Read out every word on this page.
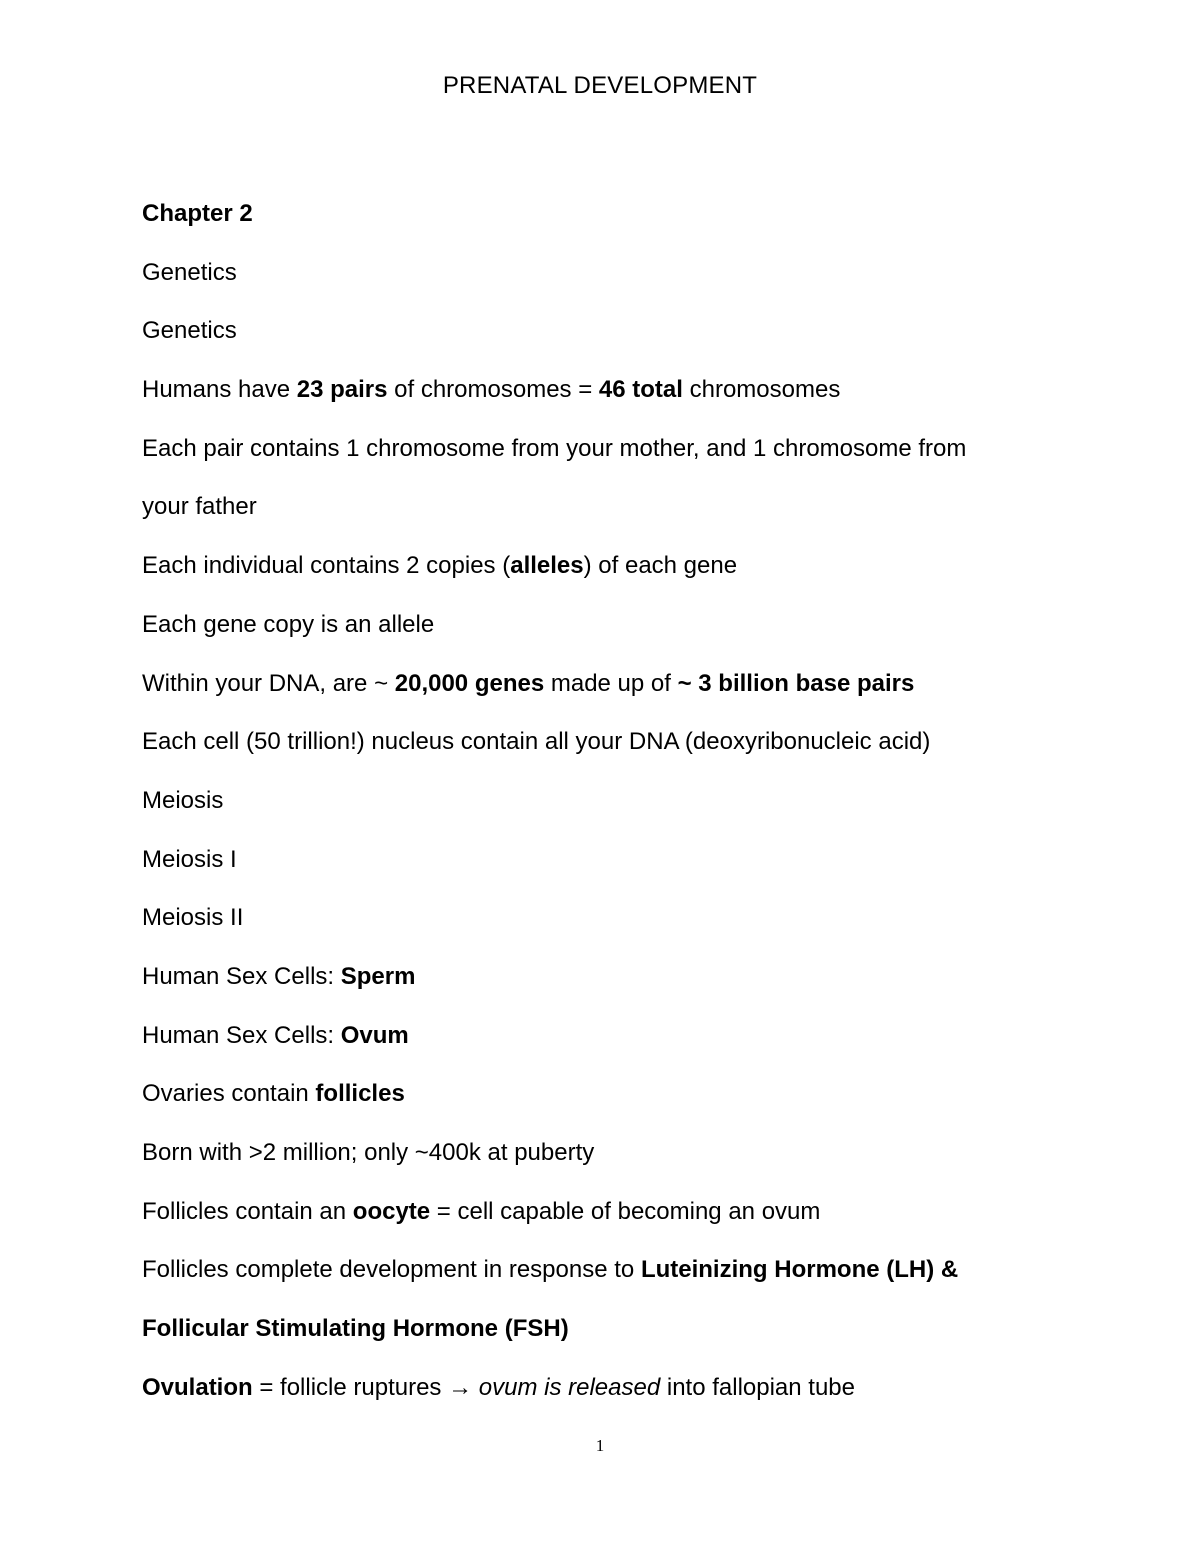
PRENATAL DEVELOPMENT
Chapter 2
Genetics
Genetics
Humans have 23 pairs of chromosomes = 46 total chromosomes
Each pair contains 1 chromosome from your mother, and 1 chromosome from
your father
Each individual contains 2 copies (alleles) of each gene
Each gene copy is an allele
Within your DNA, are ~ 20,000 genes made up of ~ 3 billion base pairs
Each cell (50 trillion!) nucleus contain all your DNA (deoxyribonucleic acid)
Meiosis
Meiosis I
Meiosis II
Human Sex Cells: Sperm
Human Sex Cells: Ovum
Ovaries contain follicles
Born with >2 million; only ~400k at puberty
Follicles contain an oocyte = cell capable of becoming an ovum
Follicles complete development in response to Luteinizing Hormone (LH) &
Follicular Stimulating Hormone (FSH)
Ovulation = follicle ruptures → ovum is released into fallopian tube
1
